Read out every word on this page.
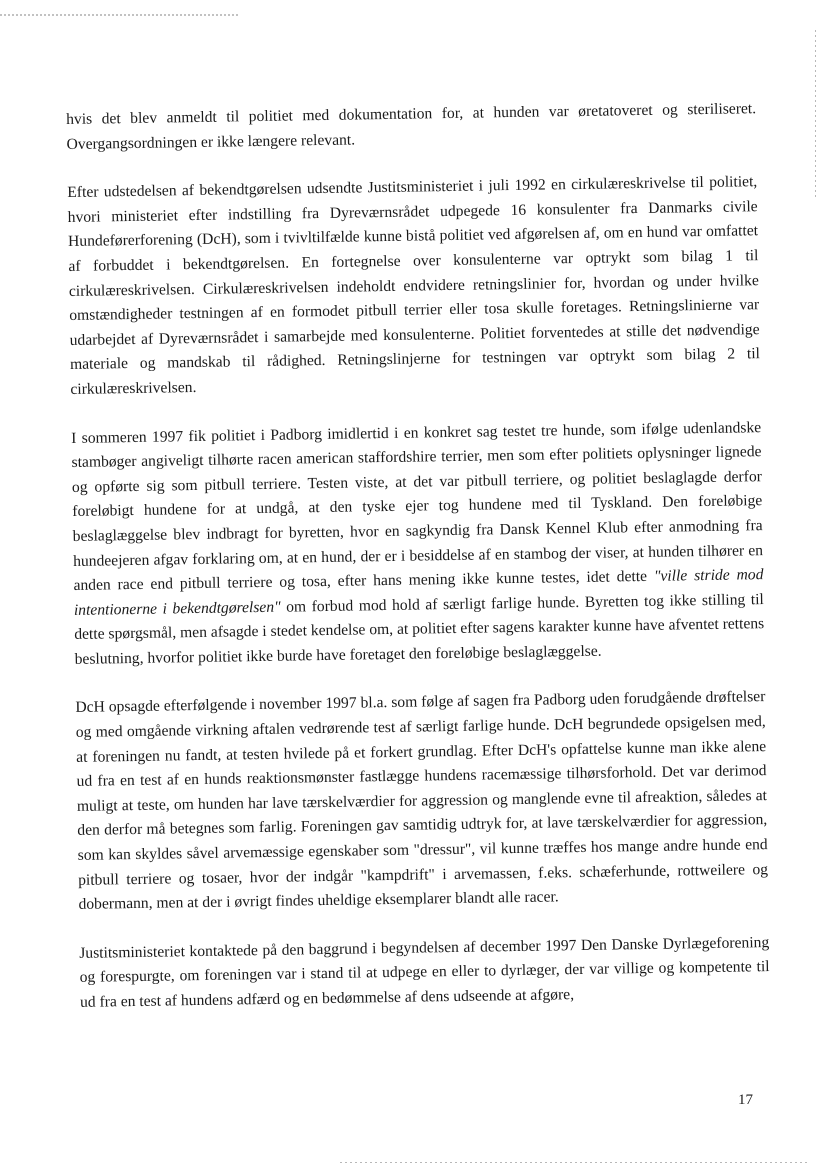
hvis det blev anmeldt til politiet med dokumentation for, at hunden var øretatoveret og steriliseret. Overgangsordningen er ikke længere relevant.

Efter udstedelsen af bekendtgørelsen udsendte Justitsministeriet i juli 1992 en cirkulæreskrivelse til politiet, hvori ministeriet efter indstilling fra Dyreværnsrådet udpegede 16 konsulenter fra Danmarks civile Hundeførerforening (DcH), som i tvivltilfælde kunne bistå politiet ved afgørelsen af, om en hund var omfattet af forbuddet i bekendtgørelsen. En fortegnelse over konsulenterne var optrykt som bilag 1 til cirkulæreskrivelsen. Cirkulæreskrivelsen indeholdt endvidere retningslinier for, hvordan og under hvilke omstændigheder testningen af en formodet pitbull terrier eller tosa skulle foretages. Retningslinierne var udarbejdet af Dyreværnsrådet i samarbejde med konsulenterne. Politiet forventedes at stille det nødvendige materiale og mandskab til rådighed. Retningslinjerne for testningen var optrykt som bilag 2 til cirkulæreskrivelsen.

I sommeren 1997 fik politiet i Padborg imidlertid i en konkret sag testet tre hunde, som ifølge udenlandske stambøger angiveligt tilhørte racen american staffordshire terrier, men som efter politiets oplysninger lignede og opførte sig som pitbull terriere. Testen viste, at det var pitbull terriere, og politiet beslaglagde derfor foreløbigt hundene for at undgå, at den tyske ejer tog hundene med til Tyskland. Den foreløbige beslaglæggelse blev indbragt for byretten, hvor en sagkyndig fra Dansk Kennel Klub efter anmodning fra hundeejeren afgav forklaring om, at en hund, der er i besiddelse af en stambog der viser, at hunden tilhører en anden race end pitbull terriere og tosa, efter hans mening ikke kunne testes, idet dette "ville stride mod intentionerne i bekendtgørelsen" om forbud mod hold af særligt farlige hunde. Byretten tog ikke stilling til dette spørgsmål, men afsagde i stedet kendelse om, at politiet efter sagens karakter kunne have afventet rettens beslutning, hvorfor politiet ikke burde have foretaget den foreløbige beslaglæggelse.

DcH opsagde efterfølgende i november 1997 bl.a. som følge af sagen fra Padborg uden forudgående drøftelser og med omgående virkning aftalen vedrørende test af særligt farlige hunde. DcH begrundede opsigelsen med, at foreningen nu fandt, at testen hvilede på et forkert grundlag. Efter DcH's opfattelse kunne man ikke alene ud fra en test af en hunds reaktionsmønster fastlægge hundens racemæssige tilhørsforhold. Det var derimod muligt at teste, om hunden har lave tærskelværdier for aggression og manglende evne til afreaktion, således at den derfor må betegnes som farlig. Foreningen gav samtidig udtryk for, at lave tærskelværdier for aggression, som kan skyldes såvel arvemæssige egenskaber som "dressur", vil kunne træffes hos mange andre hunde end pitbull terriere og tosaer, hvor der indgår "kampdrift" i arvemassen, f.eks. schæferhunde, rottweilere og dobermann, men at der i øvrigt findes uheldige eksemplarer blandt alle racer.

Justitsministeriet kontaktede på den baggrund i begyndelsen af december 1997 Den Danske Dyrlægeforening og forespurgte, om foreningen var i stand til at udpege en eller to dyrlæger, der var villige og kompetente til ud fra en test af hundens adfærd og en bedømmelse af dens udseende at afgøre,

17
